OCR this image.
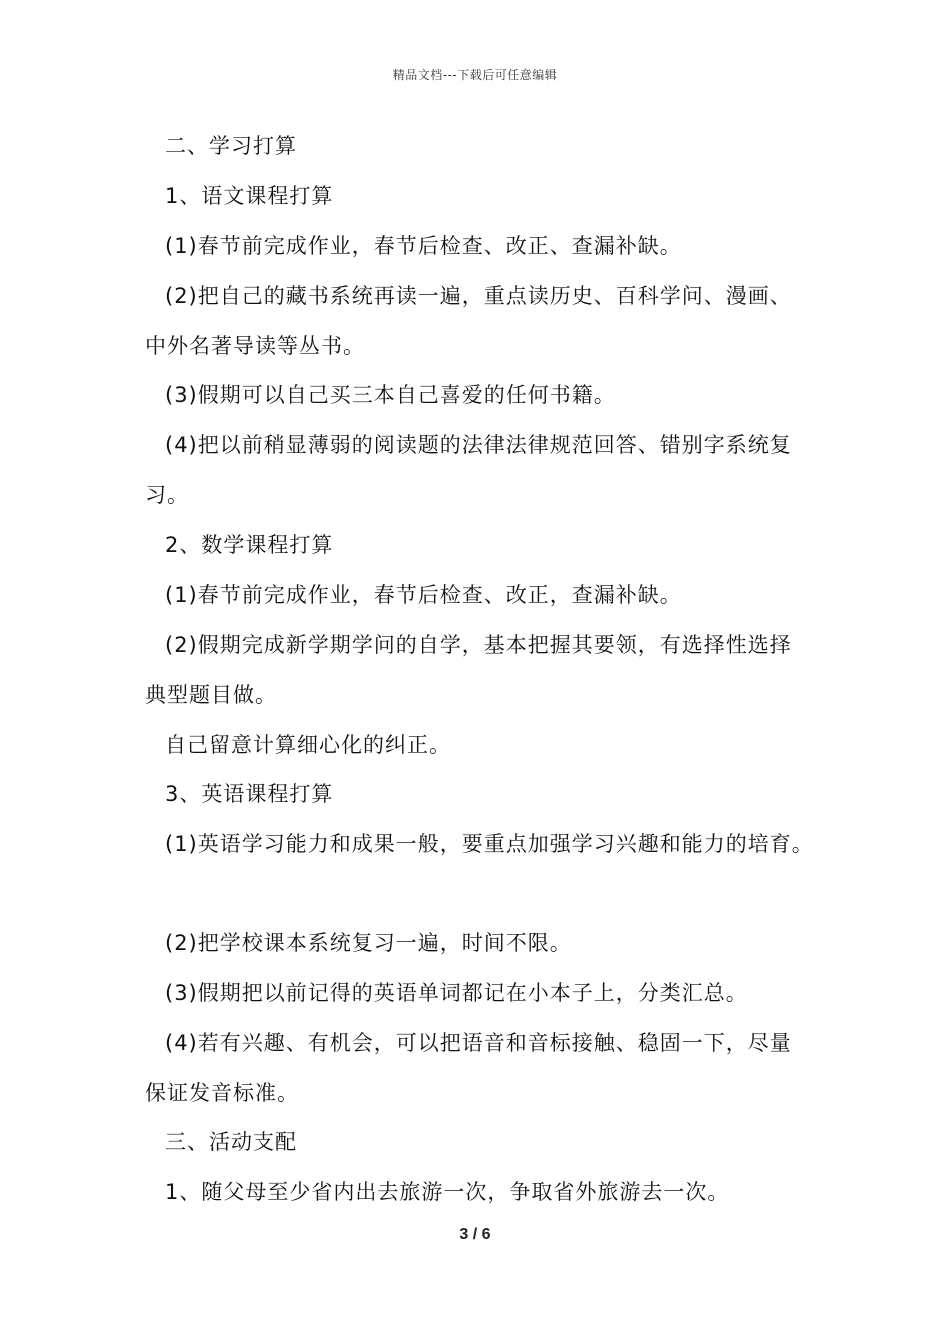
精品文档---下载后可任意编辑
二、学习打算
1、语文课程打算
(1)春节前完成作业，春节后检查、改正、查漏补缺。
(2)把自己的藏书系统再读一遍，重点读历史、百科学问、漫画、
中外名著导读等丛书。
(3)假期可以自己买三本自己喜爱的任何书籍。
(4)把以前稍显薄弱的阅读题的法律法律规范回答、错别字系统复
习。
2、数学课程打算
(1)春节前完成作业，春节后检查、改正，查漏补缺。
(2)假期完成新学期学问的自学，基本把握其要领，有选择性选择
典型题目做。
自己留意计算细心化的纠正。
3、英语课程打算
(1)英语学习能力和成果一般，要重点加强学习兴趣和能力的培育。
(2)把学校课本系统复习一遍，时间不限。
(3)假期把以前记得的英语单词都记在小本子上，分类汇总。
(4)若有兴趣、有机会，可以把语音和音标接触、稳固一下，尽量
保证发音标准。
三、活动支配
1、随父母至少省内出去旅游一次，争取省外旅游去一次。
3 / 6
